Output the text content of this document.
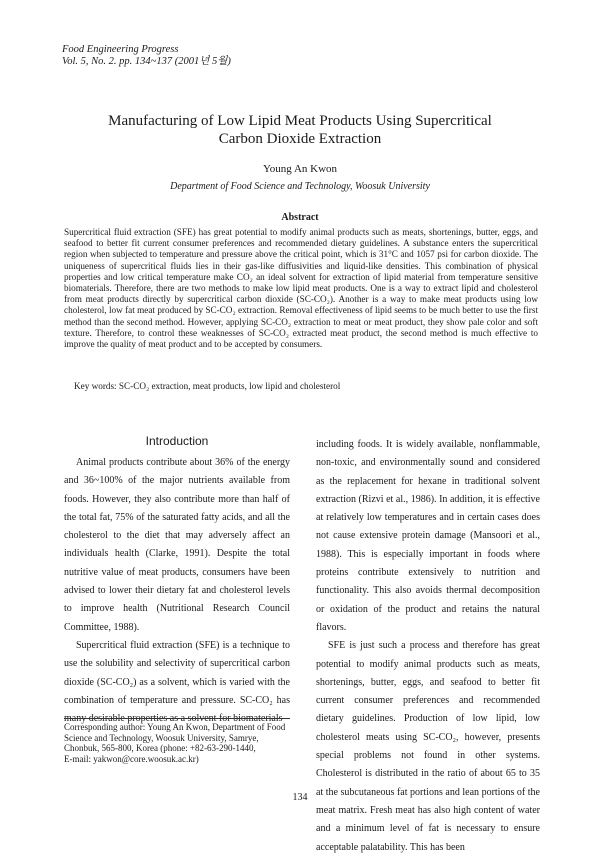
Food Engineering Progress
Vol. 5, No. 2. pp. 134~137 (2001년 5월)
Manufacturing of Low Lipid Meat Products Using Supercritical
Carbon Dioxide Extraction
Young An Kwon
Department of Food Science and Technology, Woosuk University
Abstract
Supercritical fluid extraction (SFE) has great potential to modify animal products such as meats, shortenings, butter, eggs, and seafood to better fit current consumer preferences and recommended dietary guidelines. A substance enters the supercritical region when subjected to temperature and pressure above the critical point, which is 31°C and 1057 psi for carbon dioxide. The uniqueness of supercritical fluids lies in their gas-like diffusivities and liquid-like densities. This combination of physical properties and low critical temperature make CO₂ an ideal solvent for extraction of lipid material from temperature sensitive biomaterials. Therefore, there are two methods to make low lipid meat products. One is a way to extract lipid and cholesterol from meat products directly by supercritical carbon dioxide (SC-CO₂). Another is a way to make meat products using low cholesterol, low fat meat produced by SC-CO₂ extraction. Removal effectiveness of lipid seems to be much better to use the first method than the second method. However, applying SC-CO₂ extraction to meat or meat product, they show pale color and soft texture. Therefore, to control these weaknesses of SC-CO₂ extracted meat product, the second method is much effective to improve the quality of meat product and to be accepted by consumers.
Key words: SC-CO₂ extraction, meat products, low lipid and cholesterol
Introduction

Animal products contribute about 36% of the energy and 36~100% of the major nutrients available from foods. However, they also contribute more than half of the total fat, 75% of the saturated fatty acids, and all the cholesterol to the diet that may adversely affect an individuals health (Clarke, 1991). Despite the total nutritive value of meat products, consumers have been advised to lower their dietary fat and cholesterol levels to improve health (Nutritional Research Council Committee, 1988).

Supercritical fluid extraction (SFE) is a technique to use the solubility and selectivity of supercritical carbon dioxide (SC-CO₂) as a solvent, which is varied with the combination of temperature and pressure. SC-CO₂ has many desirable properties as a solvent for biomaterials

including foods. It is widely available, nonflammable, non-toxic, and environmentally sound and considered as the replacement for hexane in traditional solvent extraction (Rizvi et al., 1986). In addition, it is effective at relatively low temperatures and in certain cases does not cause extensive protein damage (Mansoori et al., 1988). This is especially important in foods where proteins contribute extensively to nutrition and functionality. This also avoids thermal decomposition or oxidation of the product and retains the natural flavors.

SFE is just such a process and therefore has great potential to modify animal products such as meats, shortenings, butter, eggs, and seafood to better fit current consumer preferences and recommended dietary guidelines. Production of low lipid, low cholesterol meats using SC-CO₂, however, presents special problems not found in other systems. Cholesterol is distributed in the ratio of about 65 to 35 at the subcutaneous fat portions and lean portions of the meat matrix. Fresh meat has also high content of water and a minimum level of fat is necessary to ensure acceptable palatability. This has been

Corresponding author: Young An Kwon, Department of Food
Science and Technology, Woosuk University, Samrye,
Chonbuk, 565-800, Korea (phone: +82-63-290-1440,
E-mail: yakwon@core.woosuk.ac.kr)
134
